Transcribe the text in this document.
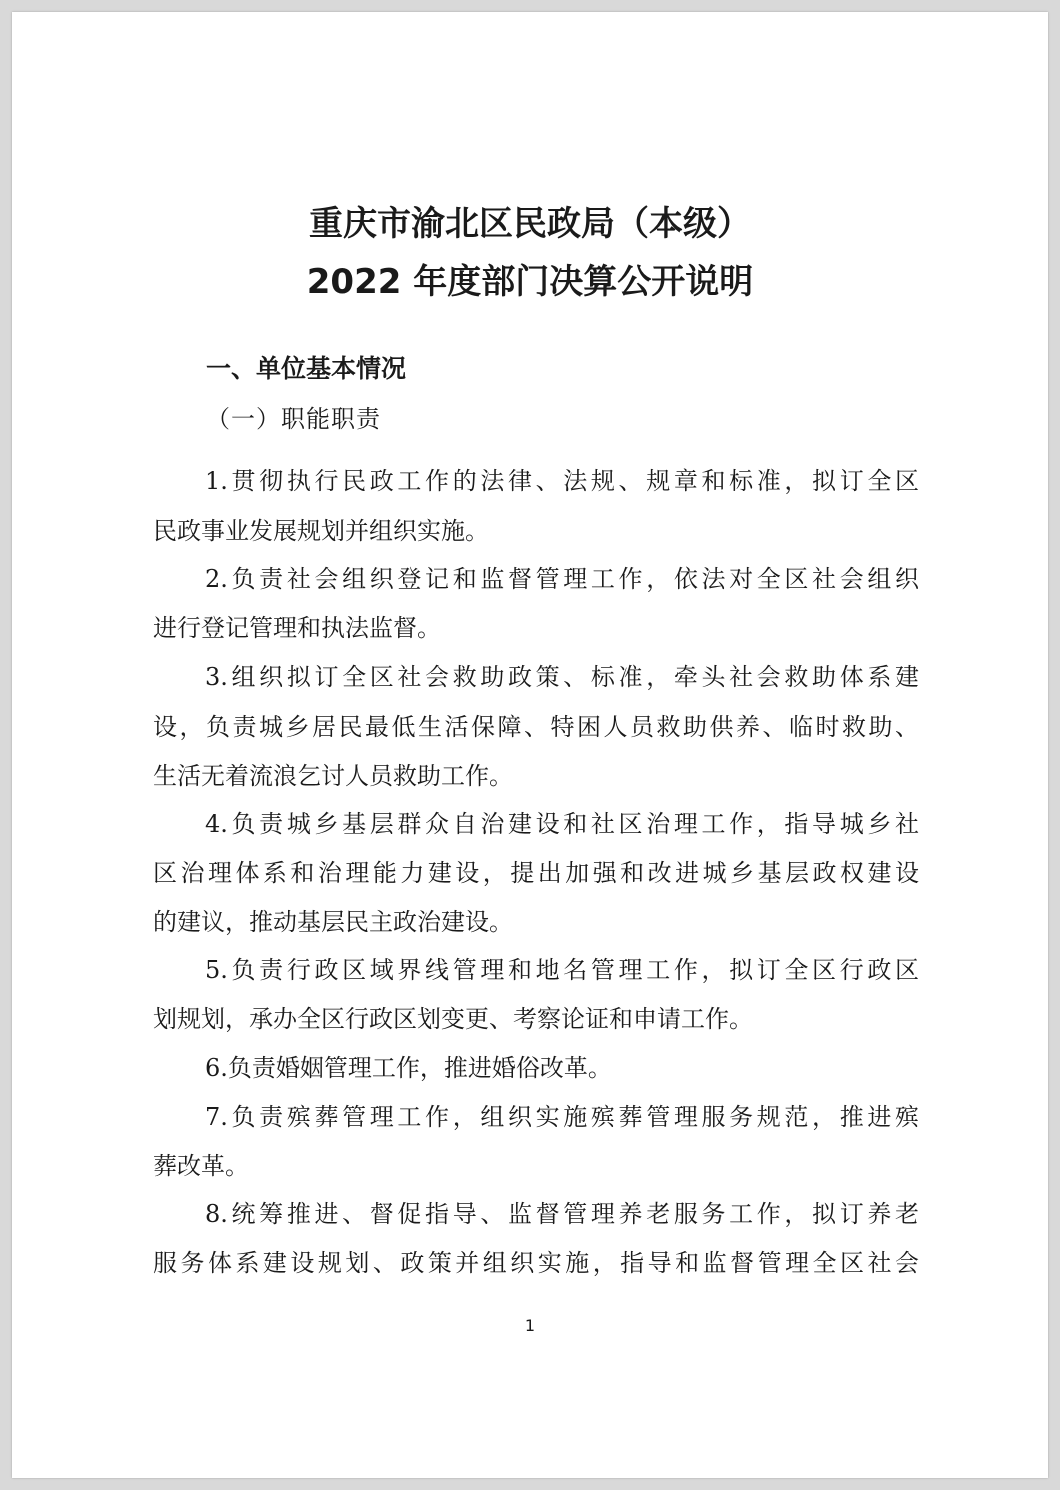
重庆市渝北区民政局（本级）
2022 年度部门决算公开说明
一、单位基本情况
（一）职能职责
1.贯彻执行民政工作的法律、法规、规章和标准，拟订全区
民政事业发展规划并组织实施。
2.负责社会组织登记和监督管理工作，依法对全区社会组织
进行登记管理和执法监督。
3.组织拟订全区社会救助政策、标准，牵头社会救助体系建
设，负责城乡居民最低生活保障、特困人员救助供养、临时救助、
生活无着流浪乞讨人员救助工作。
4.负责城乡基层群众自治建设和社区治理工作，指导城乡社
区治理体系和治理能力建设，提出加强和改进城乡基层政权建设
的建议，推动基层民主政治建设。
5.负责行政区域界线管理和地名管理工作，拟订全区行政区
划规划，承办全区行政区划变更、考察论证和申请工作。
6.负责婚姻管理工作，推进婚俗改革。
7.负责殡葬管理工作，组织实施殡葬管理服务规范，推进殡
葬改革。
8.统筹推进、督促指导、监督管理养老服务工作，拟订养老
服务体系建设规划、政策并组织实施，指导和监督管理全区社会
1
